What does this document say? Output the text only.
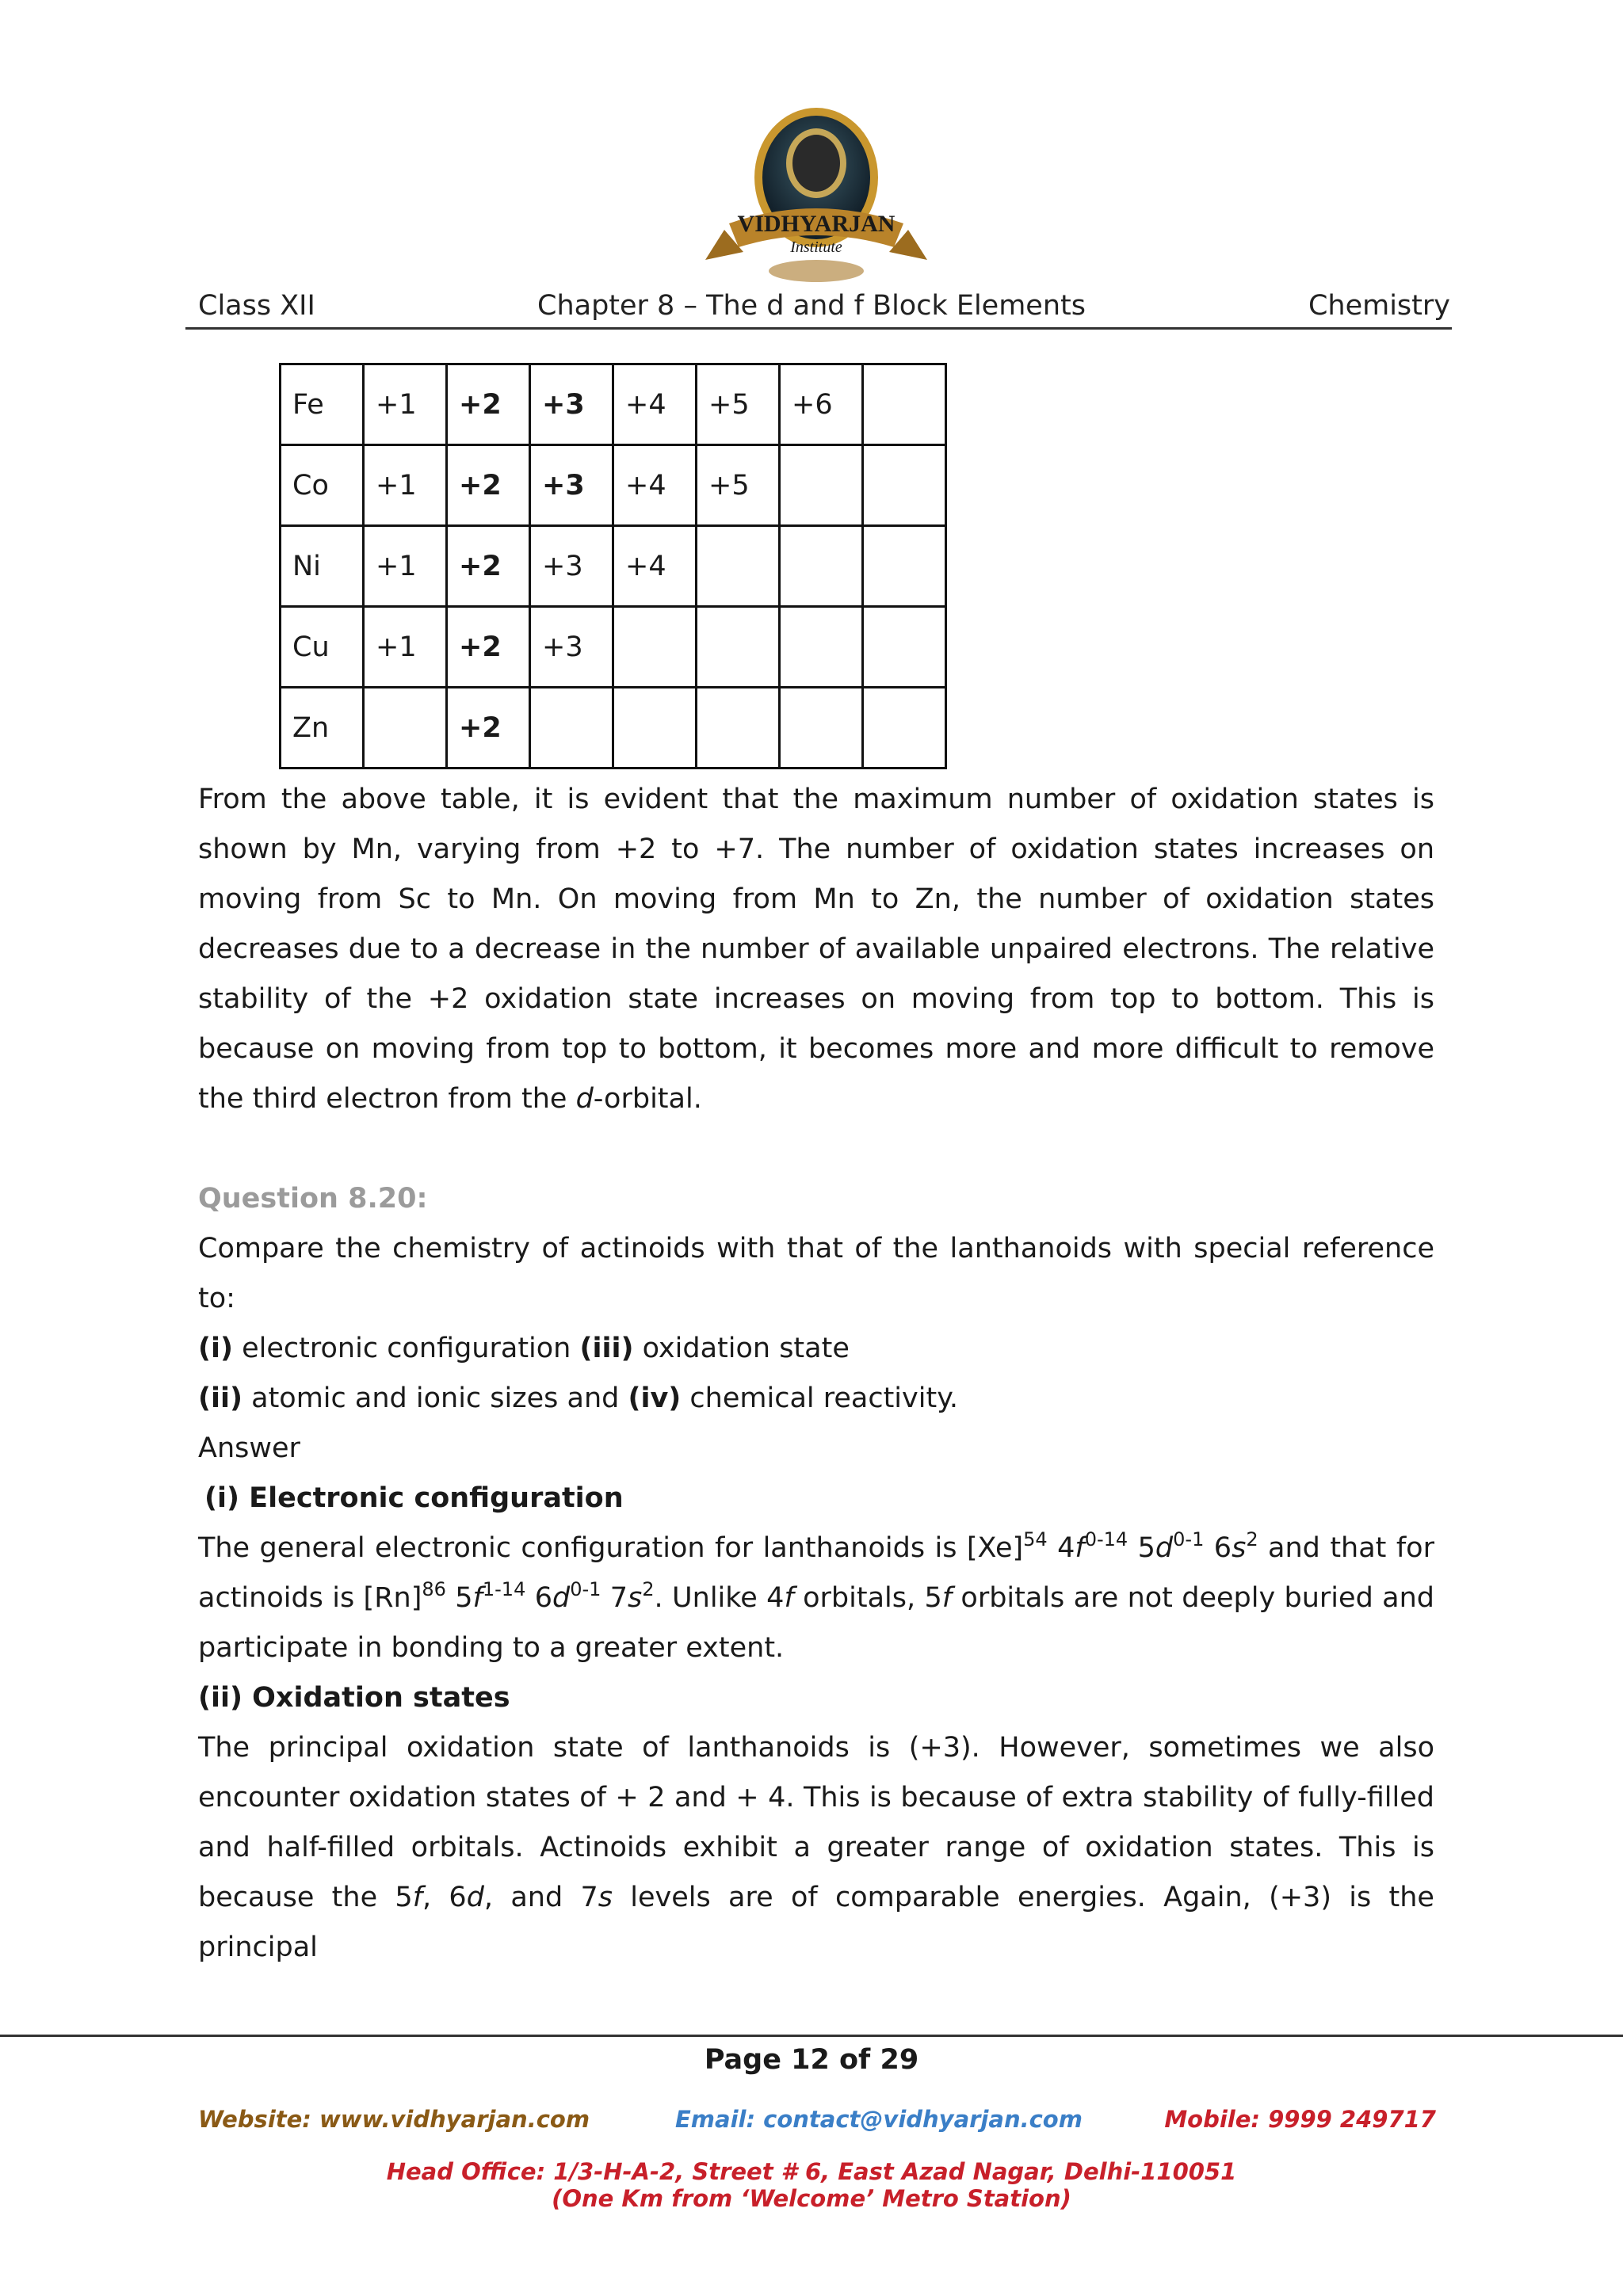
VIDHYARJAN
Institute
Class XII	Chapter 8 – The d and f Block Elements	Chemistry
Fe	+1	+2	+3	+4	+5	+6	
Co	+1	+2	+3	+4	+5		
Ni	+1	+2	+3	+4			
Cu	+1	+2	+3				
Zn		+2					

From the above table, it is evident that the maximum number of oxidation states is shown by Mn, varying from +2 to +7. The number of oxidation states increases on moving from Sc to Mn. On moving from Mn to Zn, the number of oxidation states decreases due to a decrease in the number of available unpaired electrons. The relative stability of the +2 oxidation state increases on moving from top to bottom. This is because on moving from top to bottom, it becomes more and more difficult to remove the third electron from the d-orbital.

Question 8.20:

Compare the chemistry of actinoids with that of the lanthanoids with special reference to:

(i) electronic configuration (iii) oxidation state
(ii) atomic and ionic sizes and (iv) chemical reactivity.
Answer
(i) Electronic configuration

The general electronic configuration for lanthanoids is $[Xe]^{54}$ $4f^{0-14}$ $5d^{0-1}$ $6s^2$ and that for actinoids is $[Rn]^{86}$ $5f^{1-14}$ $6d^{0-1}$ $7s^2$. Unlike 4f orbitals, 5f orbitals are not deeply buried and participate in bonding to a greater extent.

(ii) Oxidation states

The principal oxidation state of lanthanoids is (+3). However, sometimes we also encounter oxidation states of + 2 and + 4. This is because of extra stability of fully-filled and half-filled orbitals. Actinoids exhibit a greater range of oxidation states. This is because the 5f, 6d, and 7s levels are of comparable energies. Again, (+3) is the principal

Page 12 of 29
Website: www.vidhyarjan.com	Email: contact@vidhyarjan.com	Mobile: 9999 249717
Head Office: 1/3-H-A-2, Street # 6, East Azad Nagar, Delhi-110051
(One Km from ‘Welcome’ Metro Station)
